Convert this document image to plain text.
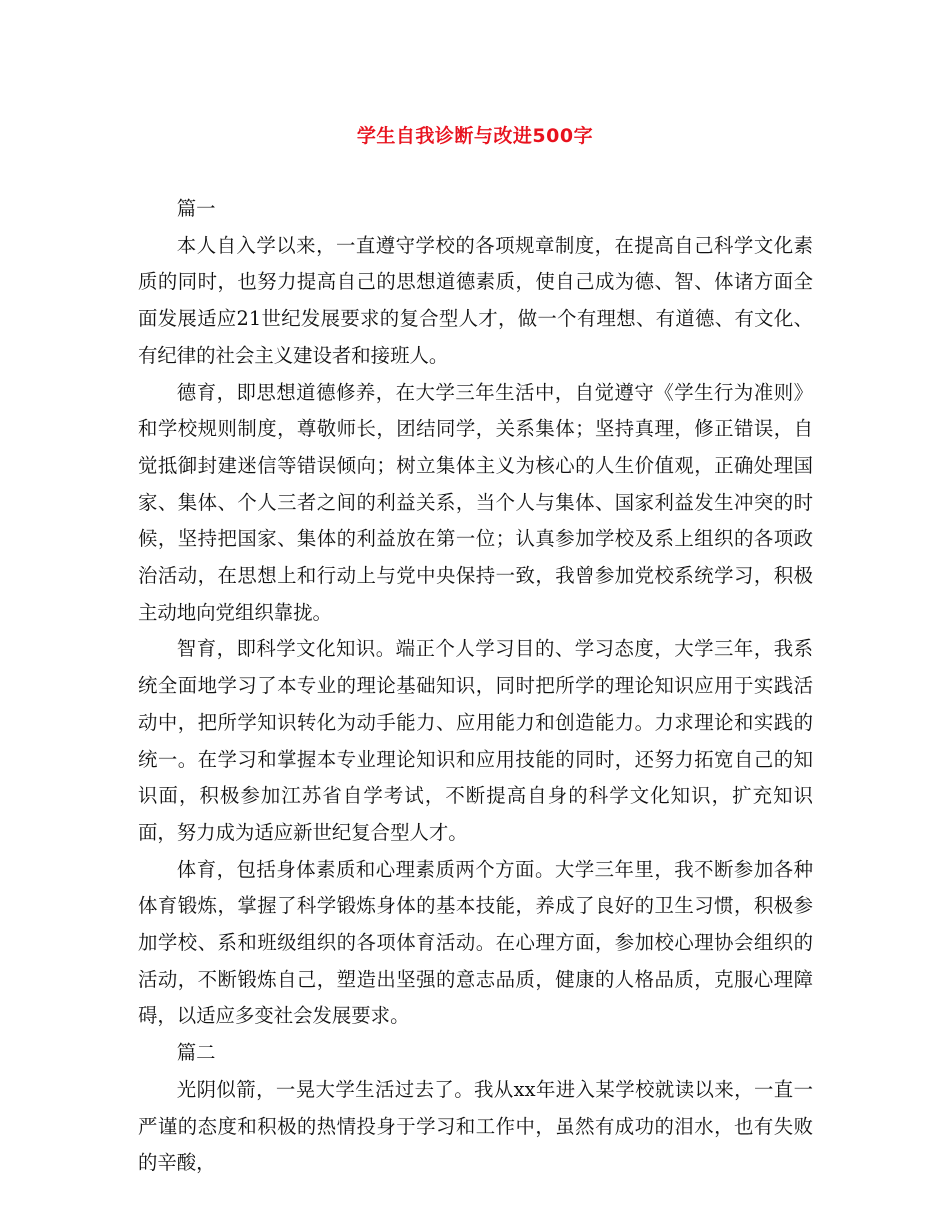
学生自我诊断与改进500字

篇一

本人自入学以来，一直遵守学校的各项规章制度，在提高自己科学文化素质的同时，也努力提高自己的思想道德素质，使自己成为德、智、体诸方面全面发展适应21世纪发展要求的复合型人才，做一个有理想、有道德、有文化、有纪律的社会主义建设者和接班人。

德育，即思想道德修养，在大学三年生活中，自觉遵守《学生行为准则》和学校规则制度，尊敬师长，团结同学，关系集体；坚持真理，修正错误，自觉抵御封建迷信等错误倾向；树立集体主义为核心的人生价值观，正确处理国家、集体、个人三者之间的利益关系，当个人与集体、国家利益发生冲突的时候，坚持把国家、集体的利益放在第一位；认真参加学校及系上组织的各项政治活动，在思想上和行动上与党中央保持一致，我曾参加党校系统学习，积极主动地向党组织靠拢。

智育，即科学文化知识。端正个人学习目的、学习态度，大学三年，我系统全面地学习了本专业的理论基础知识，同时把所学的理论知识应用于实践活动中，把所学知识转化为动手能力、应用能力和创造能力。力求理论和实践的统一。在学习和掌握本专业理论知识和应用技能的同时，还努力拓宽自己的知识面，积极参加江苏省自学考试，不断提高自身的科学文化知识，扩充知识面，努力成为适应新世纪复合型人才。

体育，包括身体素质和心理素质两个方面。大学三年里，我不断参加各种体育锻炼，掌握了科学锻炼身体的基本技能，养成了良好的卫生习惯，积极参加学校、系和班级组织的各项体育活动。在心理方面，参加校心理协会组织的活动，不断锻炼自己，塑造出坚强的意志品质，健康的人格品质，克服心理障碍，以适应多变社会发展要求。

篇二

光阴似箭，一晃大学生活过去了。我从xx年进入某学校就读以来，一直一严谨的态度和积极的热情投身于学习和工作中，虽然有成功的泪水，也有失败的辛酸，
